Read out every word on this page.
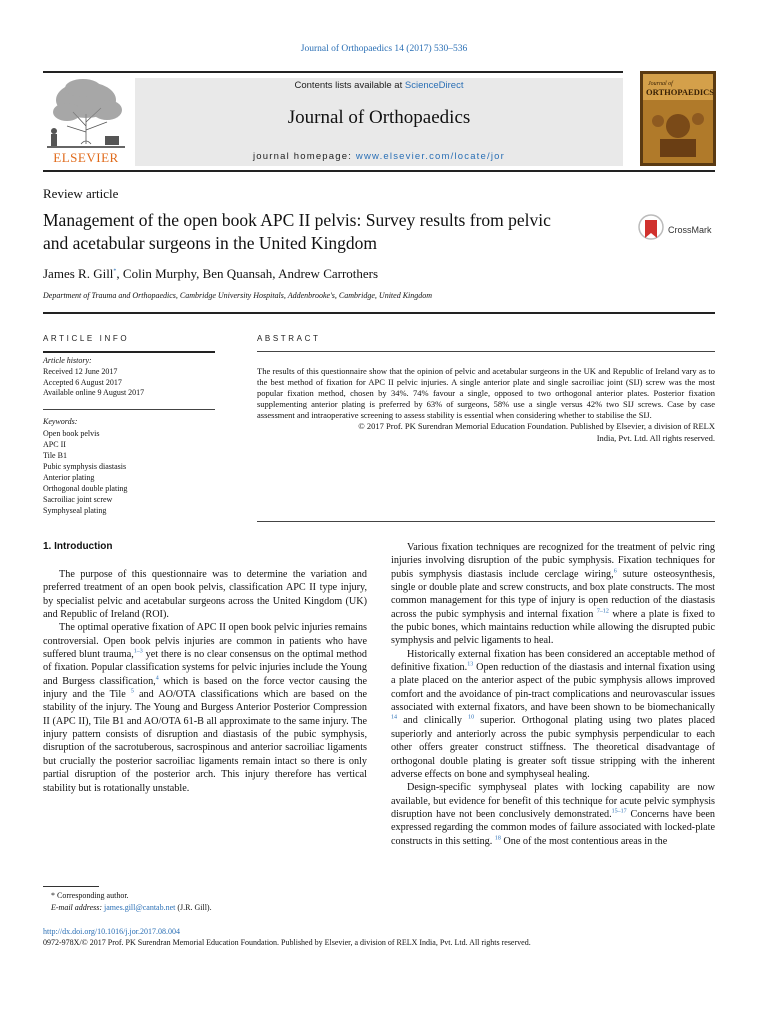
Journal of Orthopaedics 14 (2017) 530–536
ELSEVIER
Contents lists available at ScienceDirect
Journal of Orthopaedics
journal homepage: www.elsevier.com/locate/jor
Journal of
ORTHOPAEDICS
Review article
Management of the open book APC II pelvis: Survey results from pelvic
and acetabular surgeons in the United Kingdom
CrossMark
James R. Gill*, Colin Murphy, Ben Quansah, Andrew Carrothers
Department of Trauma and Orthopaedics, Cambridge University Hospitals, Addenbrooke's, Cambridge, United Kingdom
ARTICLE INFO	ABSTRACT
Article history:
Received 12 June 2017
Accepted 6 August 2017
Available online 9 August 2017
Keywords:
Open book pelvis
APC II
Tile B1
Pubic symphysis diastasis
Anterior plating
Orthogonal double plating
Sacroiliac joint screw
Symphyseal plating
The results of this questionnaire show that the opinion of pelvic and acetabular surgeons in the UK and Republic of Ireland vary as to the best method of fixation for APC II pelvic injuries. A single anterior plate and single sacroiliac joint (SIJ) screw was the most popular fixation method, chosen by 34%. 74% favour a single, opposed to two orthogonal anterior plates. Posterior fixation supplementing anterior plating is preferred by 63% of surgeons, 58% use a single versus 42% two SIJ screws. Case by case assessment and intraoperative screening to assess stability is essential when considering whether to stabilise the SIJ.
© 2017 Prof. PK Surendran Memorial Education Foundation. Published by Elsevier, a division of RELX
India, Pvt. Ltd. All rights reserved.
1. Introduction

The purpose of this questionnaire was to determine the variation and preferred treatment of an open book pelvis, classification APC II type injury, by specialist pelvic and acetabular surgeons across the United Kingdom (UK) and Republic of Ireland (ROI).

The optimal operative fixation of APC II open book pelvic injuries remains controversial. Open book pelvis injuries are common in patients who have suffered blunt trauma,$^{1-3}$ yet there is no clear consensus on the optimal method of fixation. Popular classification systems for pelvic injuries include the Young and Burgess classification,$^4$ which is based on the force vector causing the injury and the Tile $^5$ and AO/OTA classifications which are based on the stability of the injury. The Young and Burgess Anterior Posterior Compression II (APC II), Tile B1 and AO/OTA 61-B all approximate to the same injury. The injury pattern consists of disruption and diastasis of the pubic symphysis, disruption of the sacrotuberous, sacrospinous and anterior sacroiliac ligaments but crucially the posterior sacroiliac ligaments remain intact so there is only partial disruption of the posterior arch. This injury therefore has vertical stability but is rotationally unstable.

Various fixation techniques are recognized for the treatment of pelvic ring injuries involving disruption of the pubic symphysis. Fixation techniques for pubis symphysis diastasis include cerclage wiring,$^6$ suture osteosynthesis, single or double plate and screw constructs, and box plate constructs. The most common management for this type of injury is open reduction of the diastasis across the pubic symphysis and internal fixation $^{7-12}$ where a plate is fixed to the pubic bones, which maintains reduction while allowing the disrupted pubic symphysis and pelvic ligaments to heal.

Historically external fixation has been considered an acceptable method of definitive fixation.$^{13}$ Open reduction of the diastasis and internal fixation using a plate placed on the anterior aspect of the pubic symphysis allows improved comfort and the avoidance of pin-tract complications and neurovascular issues associated with external fixators, and have been shown to be biomechanically $^{14}$ and clinically $^{10}$ superior. Orthogonal plating using two plates placed superiorly and anteriorly across the pubic symphysis perpendicular to each other offers greater construct stiffness. The theoretical disadvantage of orthogonal double plating is greater soft tissue stripping with the inherent adverse effects on bone and symphyseal healing.

Design-specific symphyseal plates with locking capability are now available, but evidence for benefit of this technique for acute pelvic symphysis disruption have not been conclusively demonstrated.$^{15-17}$ Concerns have been expressed regarding the common modes of failure associated with locked-plate constructs in this setting. $^{18}$ One of the most contentious areas in the

* Corresponding author.
E-mail address: james.gill@cantab.net (J.R. Gill).
http://dx.doi.org/10.1016/j.jor.2017.08.004
0972-978X/© 2017 Prof. PK Surendran Memorial Education Foundation. Published by Elsevier, a division of RELX India, Pvt. Ltd. All rights reserved.
